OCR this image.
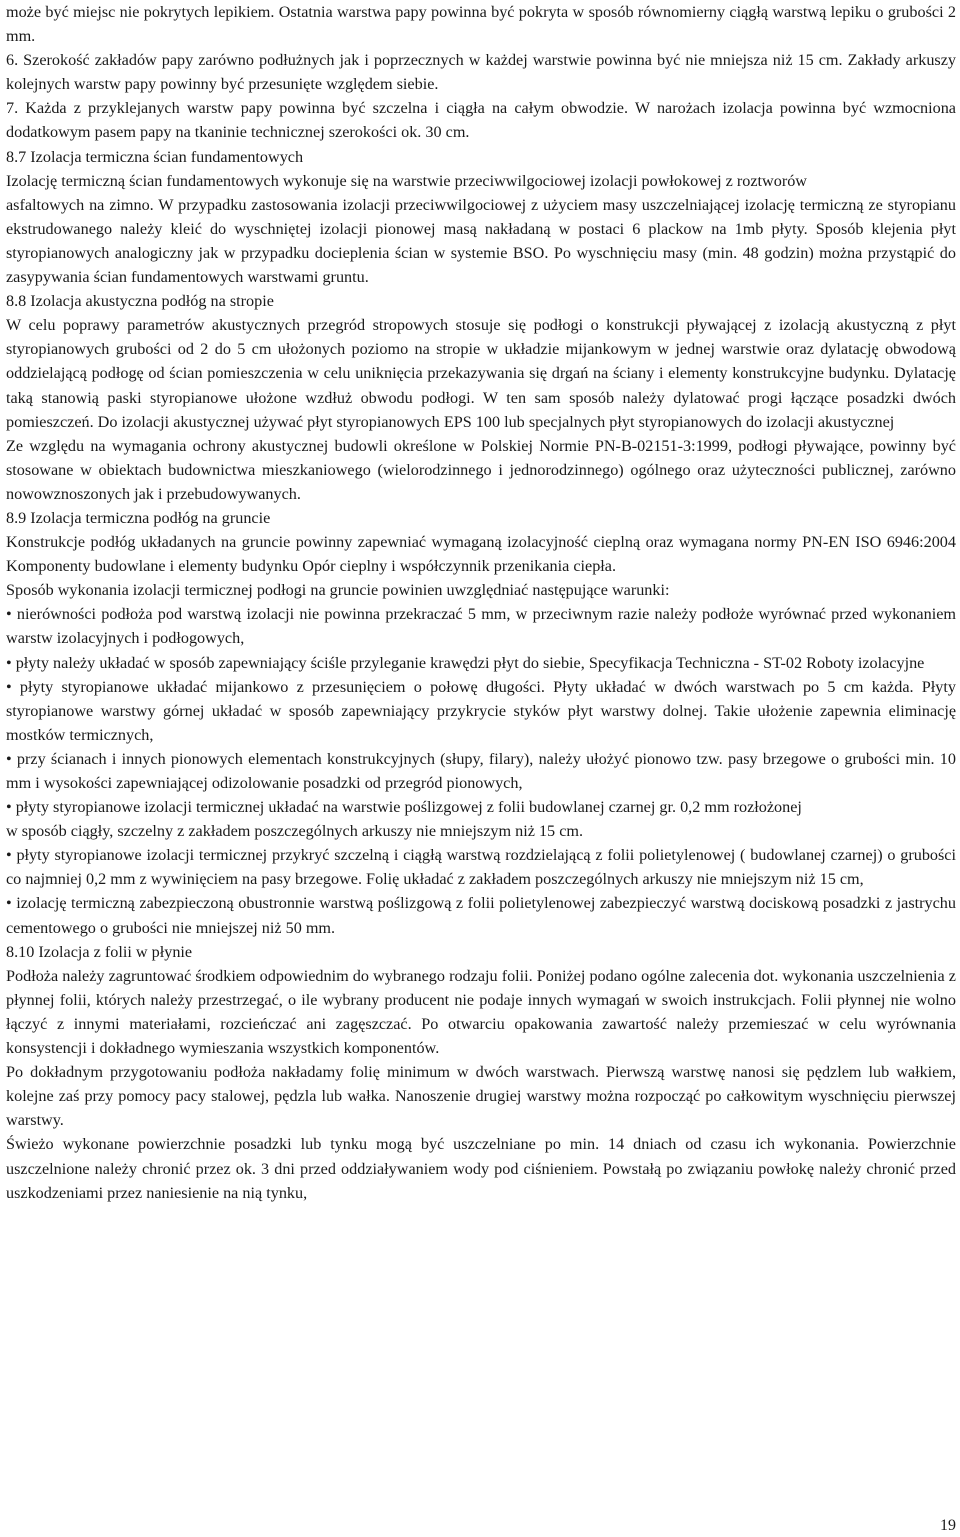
może być miejsc nie pokrytych lepikiem. Ostatnia warstwa papy powinna być pokryta w sposób równomierny ciągłą warstwą lepiku o grubości 2 mm.

6. Szerokość zakładów papy zarówno podłużnych jak i poprzecznych w każdej warstwie powinna być nie mniejsza niż 15 cm. Zakłady arkuszy kolejnych warstw papy powinny być przesunięte względem siebie.

7. Każda z przyklejanych warstw papy powinna być szczelna i ciągła na całym obwodzie. W narożach izolacja powinna być wzmocniona dodatkowym pasem papy na tkaninie technicznej szerokości ok. 30 cm.

8.7 Izolacja termiczna ścian fundamentowych

Izolację termiczną ścian fundamentowych wykonuje się na warstwie przeciwwilgociowej izolacji powłokowej z roztworów

asfaltowych na zimno. W przypadku zastosowania izolacji przeciwwilgociowej z użyciem masy uszczelniającej izolację termiczną ze styropianu ekstrudowanego należy kleić do wyschniętej izolacji pionowej masą nakładaną w postaci 6 plackow na 1mb płyty. Sposób klejenia płyt styropianowych analogiczny jak w przypadku docieplenia ścian w systemie BSO. Po wyschnięciu masy (min. 48 godzin) można przystąpić do zasypywania ścian fundamentowych warstwami gruntu.

8.8 Izolacja akustyczna podłóg na stropie

W celu poprawy parametrów akustycznych przegród stropowych stosuje się podłogi o konstrukcji pływającej z izolacją akustyczną z płyt styropianowych grubości od 2 do 5 cm ułożonych poziomo na stropie w układzie mijankowym w jednej warstwie oraz dylatację obwodową oddzielającą podłogę od ścian pomieszczenia w celu uniknięcia przekazywania się drgań na ściany i elementy konstrukcyjne budynku. Dylatację taką stanowią paski styropianowe ułożone wzdłuż obwodu podłogi. W ten sam sposób należy dylatować progi łączące posadzki dwóch pomieszczeń. Do izolacji akustycznej używać płyt styropianowych EPS 100 lub specjalnych płyt styropianowych do izolacji akustycznej

Ze względu na wymagania ochrony akustycznej budowli określone w Polskiej Normie PN-B-02151-3:1999, podłogi pływające, powinny być stosowane w obiektach budownictwa mieszkaniowego (wielorodzinnego i jednorodzinnego) ogólnego oraz użyteczności publicznej, zarówno nowowznoszonych jak i przebudowywanych.

8.9 Izolacja termiczna podłóg na gruncie

Konstrukcje podłóg układanych na gruncie powinny zapewniać wymaganą izolacyjność cieplną oraz wymagana normy PN-EN ISO 6946:2004 Komponenty budowlane i elementy budynku Opór cieplny i współczynnik przenikania ciepła.

Sposób wykonania izolacji termicznej podłogi na gruncie powinien uwzględniać następujące warunki:

• nierówności podłoża pod warstwą izolacji nie powinna przekraczać 5 mm, w przeciwnym razie należy podłoże wyrównać przed wykonaniem warstw izolacyjnych i podłogowych,

• płyty należy układać w sposób zapewniający ściśle przyleganie krawędzi płyt do siebie, Specyfikacja Techniczna - ST-02 Roboty izolacyjne

• płyty styropianowe układać mijankowo z przesunięciem o połowę długości. Płyty układać w dwóch warstwach po 5 cm każda. Płyty styropianowe warstwy górnej układać w sposób zapewniający przykrycie styków płyt warstwy dolnej. Takie ułożenie zapewnia eliminację mostków termicznych,

• przy ścianach i innych pionowych elementach konstrukcyjnych (słupy, filary), należy ułożyć pionowo tzw. pasy brzegowe o grubości min. 10 mm i wysokości zapewniającej odizolowanie posadzki od przegród pionowych,

• płyty styropianowe izolacji termicznej układać na warstwie poślizgowej z folii budowlanej czarnej gr. 0,2 mm rozłożonej

w sposób ciągły, szczelny z zakładem poszczególnych arkuszy nie mniejszym niż 15 cm.

• płyty styropianowe izolacji termicznej przykryć szczelną i ciągłą warstwą rozdzielającą z folii polietylenowej ( budowlanej czarnej) o grubości co najmniej 0,2 mm z wywinięciem na pasy brzegowe. Folię układać z zakładem poszczególnych arkuszy nie mniejszym niż 15 cm,

• izolację termiczną zabezpieczoną obustronnie warstwą poślizgową z folii polietylenowej zabezpieczyć warstwą dociskową posadzki z jastrychu cementowego o grubości nie mniejszej niż 50 mm.

8.10 Izolacja z folii w płynie

Podłoża należy zagruntować środkiem odpowiednim do wybranego rodzaju folii. Poniżej podano ogólne zalecenia dot. wykonania uszczelnienia z płynnej folii, których należy przestrzegać, o ile wybrany producent nie podaje innych wymagań w swoich instrukcjach. Folii płynnej nie wolno łączyć z innymi materiałami, rozcieńczać ani zagęszczać. Po otwarciu opakowania zawartość należy przemieszać w celu wyrównania konsystencji i dokładnego wymieszania wszystkich komponentów.

Po dokładnym przygotowaniu podłoża nakładamy folię minimum w dwóch warstwach. Pierwszą warstwę nanosi się pędzlem lub wałkiem, kolejne zaś przy pomocy pacy stalowej, pędzla lub wałka. Nanoszenie drugiej warstwy można rozpocząć po całkowitym wyschnięciu pierwszej warstwy.

Świeżo wykonane powierzchnie posadzki lub tynku mogą być uszczelniane po min. 14 dniach od czasu ich wykonania. Powierzchnie uszczelnione należy chronić przez ok. 3 dni przed oddziaływaniem wody pod ciśnieniem. Powstałą po związaniu powłokę należy chronić przed uszkodzeniami przez naniesienie na nią tynku,

19
